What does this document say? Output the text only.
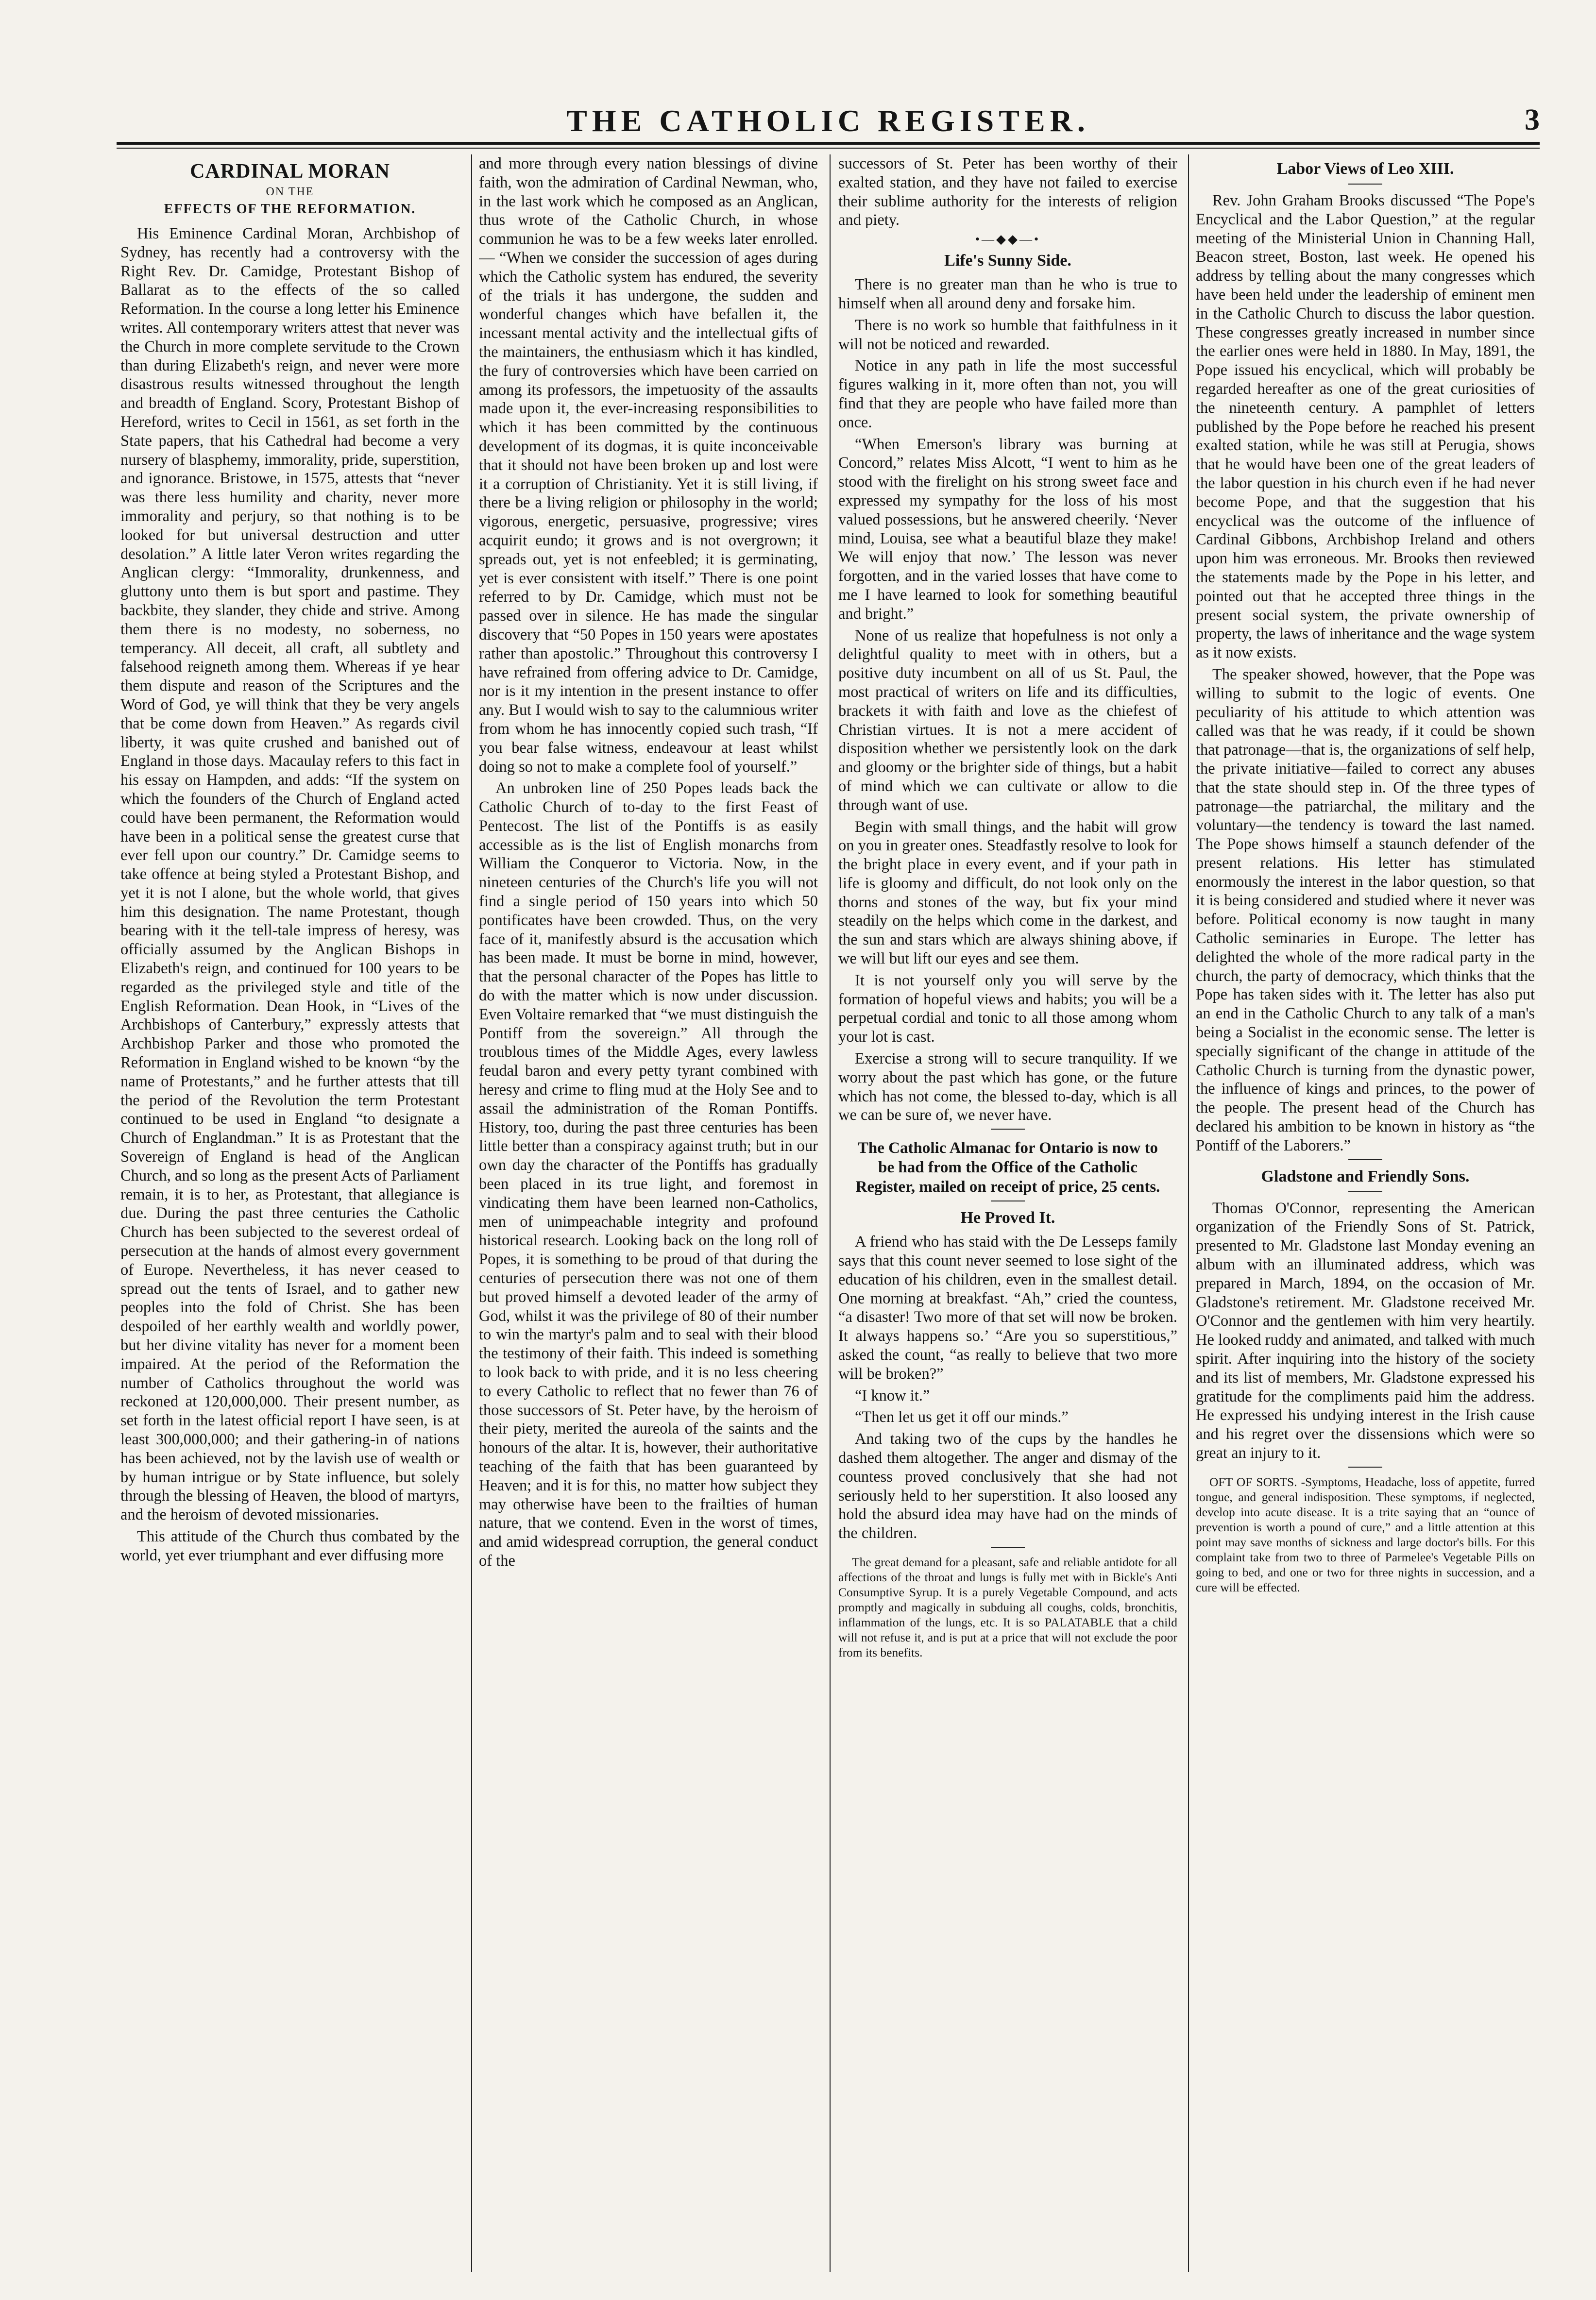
THE CATHOLIC REGISTER.	3
CARDINAL MORAN
ON THE
EFFECTS OF THE REFORMATION.

His Eminence Cardinal Moran, Archbishop of Sydney, has recently had a controversy with the Right Rev. Dr. Camidge, Protestant Bishop of Ballarat as to the effects of the so called Reformation. In the course a long letter his Eminence writes. All contemporary writers attest that never was the Church in more complete servitude to the Crown than during Elizabeth's reign, and never were more disastrous results witnessed throughout the length and breadth of England. Scory, Protestant Bishop of Hereford, writes to Cecil in 1561, as set forth in the State papers, that his Cathedral had become a very nursery of blasphemy, immorality, pride, superstition, and ignorance. Bristowe, in 1575, attests that “never was there less humility and charity, never more immorality and perjury, so that nothing is to be looked for but universal destruction and utter desolation.” A little later Veron writes regarding the Anglican clergy: “Immorality, drunkenness, and gluttony unto them is but sport and pastime. They backbite, they slander, they chide and strive. Among them there is no modesty, no soberness, no temperancy. All deceit, all craft, all subtlety and falsehood reigneth among them. Whereas if ye hear them dispute and reason of the Scriptures and the Word of God, ye will think that they be very angels that be come down from Heaven.” As regards civil liberty, it was quite crushed and banished out of England in those days. Macaulay refers to this fact in his essay on Hampden, and adds: “If the system on which the founders of the Church of England acted could have been permanent, the Reformation would have been in a political sense the greatest curse that ever fell upon our country.” Dr. Camidge seems to take offence at being styled a Protestant Bishop, and yet it is not I alone, but the whole world, that gives him this designation. The name Protestant, though bearing with it the tell-tale impress of heresy, was officially assumed by the Anglican Bishops in Elizabeth's reign, and continued for 100 years to be regarded as the privileged style and title of the English Reformation. Dean Hook, in “Lives of the Archbishops of Canterbury,” expressly attests that Archbishop Parker and those who promoted the Reformation in England wished to be known “by the name of Protestants,” and he further attests that till the period of the Revolution the term Protestant continued to be used in England “to designate a Church of Englandman.” It is as Protestant that the Sovereign of England is head of the Anglican Church, and so long as the present Acts of Parliament remain, it is to her, as Protestant, that allegiance is due. During the past three centuries the Catholic Church has been subjected to the severest ordeal of persecution at the hands of almost every government of Europe. Nevertheless, it has never ceased to spread out the tents of Israel, and to gather new peoples into the fold of Christ. She has been despoiled of her earthly wealth and worldly power, but her divine vitality has never for a moment been impaired. At the period of the Reformation the number of Catholics throughout the world was reckoned at 120,000,000. Their present number, as set forth in the latest official report I have seen, is at least 300,000,000; and their gathering-in of nations has been achieved, not by the lavish use of wealth or by human intrigue or by State influence, but solely through the blessing of Heaven, the blood of martyrs, and the heroism of devoted missionaries.

This attitude of the Church thus combated by the world, yet ever triumphant and ever diffusing more

and more through every nation blessings of divine faith, won the admiration of Cardinal Newman, who, in the last work which he composed as an Anglican, thus wrote of the Catholic Church, in whose communion he was to be a few weeks later enrolled.— “When we consider the succession of ages during which the Catholic system has endured, the severity of the trials it has undergone, the sudden and wonderful changes which have befallen it, the incessant mental activity and the intellectual gifts of the maintainers, the enthusiasm which it has kindled, the fury of controversies which have been carried on among its professors, the impetuosity of the assaults made upon it, the ever-increasing responsibilities to which it has been committed by the continuous development of its dogmas, it is quite inconceivable that it should not have been broken up and lost were it a corruption of Christianity. Yet it is still living, if there be a living religion or philosophy in the world; vigorous, energetic, persuasive, progressive; vires acquirit eundo; it grows and is not overgrown; it spreads out, yet is not enfeebled; it is germinating, yet is ever consistent with itself.” There is one point referred to by Dr. Camidge, which must not be passed over in silence. He has made the singular discovery that “50 Popes in 150 years were apostates rather than apostolic.” Throughout this controversy I have refrained from offering advice to Dr. Camidge, nor is it my intention in the present instance to offer any. But I would wish to say to the calumnious writer from whom he has innocently copied such trash, “If you bear false witness, endeavour at least whilst doing so not to make a complete fool of yourself.”

An unbroken line of 250 Popes leads back the Catholic Church of to-day to the first Feast of Pentecost. The list of the Pontiffs is as easily accessible as is the list of English monarchs from William the Conqueror to Victoria. Now, in the nineteen centuries of the Church's life you will not find a single period of 150 years into which 50 pontificates have been crowded. Thus, on the very face of it, manifestly absurd is the accusation which has been made. It must be borne in mind, however, that the personal character of the Popes has little to do with the matter which is now under discussion. Even Voltaire remarked that “we must distinguish the Pontiff from the sovereign.” All through the troublous times of the Middle Ages, every lawless feudal baron and every petty tyrant combined with heresy and crime to fling mud at the Holy See and to assail the administration of the Roman Pontiffs. History, too, during the past three centuries has been little better than a conspiracy against truth; but in our own day the character of the Pontiffs has gradually been placed in its true light, and foremost in vindicating them have been learned non-Catholics, men of unimpeachable integrity and profound historical research. Looking back on the long roll of Popes, it is something to be proud of that during the centuries of persecution there was not one of them but proved himself a devoted leader of the army of God, whilst it was the privilege of 80 of their number to win the martyr's palm and to seal with their blood the testimony of their faith. This indeed is something to look back to with pride, and it is no less cheering to every Catholic to reflect that no fewer than 76 of those successors of St. Peter have, by the heroism of their piety, merited the aureola of the saints and the honours of the altar. It is, however, their authoritative teaching of the faith that has been guaranteed by Heaven; and it is for this, no matter how subject they may otherwise have been to the frailties of human nature, that we contend. Even in the worst of times, and amid widespread corruption, the general conduct of the

successors of St. Peter has been worthy of their exalted station, and they have not failed to exercise their sublime authority for the interests of religion and piety.

•—◆◆—•
Life's Sunny Side.

There is no greater man than he who is true to himself when all around deny and forsake him.

There is no work so humble that faithfulness in it will not be noticed and rewarded.

Notice in any path in life the most successful figures walking in it, more often than not, you will find that they are people who have failed more than once.

“When Emerson's library was burning at Concord,” relates Miss Alcott, “I went to him as he stood with the firelight on his strong sweet face and expressed my sympathy for the loss of his most valued possessions, but he answered cheerily. ‘Never mind, Louisa, see what a beautiful blaze they make! We will enjoy that now.’ The lesson was never forgotten, and in the varied losses that have come to me I have learned to look for something beautiful and bright.”

None of us realize that hopefulness is not only a delightful quality to meet with in others, but a positive duty incumbent on all of us St. Paul, the most practical of writers on life and its difficulties, brackets it with faith and love as the chiefest of Christian virtues. It is not a mere accident of disposition whether we persistently look on the dark and gloomy or the brighter side of things, but a habit of mind which we can cultivate or allow to die through want of use.

Begin with small things, and the habit will grow on you in greater ones. Steadfastly resolve to look for the bright place in every event, and if your path in life is gloomy and difficult, do not look only on the thorns and stones of the way, but fix your mind steadily on the helps which come in the darkest, and the sun and stars which are always shining above, if we will but lift our eyes and see them.

It is not yourself only you will serve by the formation of hopeful views and habits; you will be a perpetual cordial and tonic to all those among whom your lot is cast.

Exercise a strong will to secure tranquility. If we worry about the past which has gone, or the future which has not come, the blessed to-day, which is all we can be sure of, we never have.

The Catholic Almanac for Ontario is now to be had from the Office of the Catholic Register, mailed on receipt of price, 25 cents.
He Proved It.

A friend who has staid with the De Lesseps family says that this count never seemed to lose sight of the education of his children, even in the smallest detail. One morning at breakfast. “Ah,” cried the countess, “a disaster! Two more of that set will now be broken. It always happens so.’ “Are you so superstitious,” asked the count, “as really to believe that two more will be broken?”

“I know it.”

“Then let us get it off our minds.”

And taking two of the cups by the handles he dashed them altogether. The anger and dismay of the countess proved conclusively that she had not seriously held to her superstition. It also loosed any hold the absurd idea may have had on the minds of the children.

The great demand for a pleasant, safe and reliable antidote for all affections of the throat and lungs is fully met with in Bickle's Anti Consumptive Syrup. It is a purely Vegetable Compound, and acts promptly and magically in subduing all coughs, colds, bronchitis, inflammation of the lungs, etc. It is so PALATABLE that a child will not refuse it, and is put at a price that will not exclude the poor from its benefits.

Labor Views of Leo XIII.

Rev. John Graham Brooks discussed “The Pope's Encyclical and the Labor Question,” at the regular meeting of the Ministerial Union in Channing Hall, Beacon street, Boston, last week. He opened his address by telling about the many congresses which have been held under the leadership of eminent men in the Catholic Church to discuss the labor question. These congresses greatly increased in number since the earlier ones were held in 1880. In May, 1891, the Pope issued his encyclical, which will probably be regarded hereafter as one of the great curiosities of the nineteenth century. A pamphlet of letters published by the Pope before he reached his present exalted station, while he was still at Perugia, shows that he would have been one of the great leaders of the labor question in his church even if he had never become Pope, and that the suggestion that his encyclical was the outcome of the influence of Cardinal Gibbons, Archbishop Ireland and others upon him was erroneous. Mr. Brooks then reviewed the statements made by the Pope in his letter, and pointed out that he accepted three things in the present social system, the private ownership of property, the laws of inheritance and the wage system as it now exists.

The speaker showed, however, that the Pope was willing to submit to the logic of events. One peculiarity of his attitude to which attention was called was that he was ready, if it could be shown that patronage—that is, the organizations of self help, the private initiative—failed to correct any abuses that the state should step in. Of the three types of patronage—the patriarchal, the military and the voluntary—the tendency is toward the last named. The Pope shows himself a staunch defender of the present relations. His letter has stimulated enormously the interest in the labor question, so that it is being considered and studied where it never was before. Political economy is now taught in many Catholic seminaries in Europe. The letter has delighted the whole of the more radical party in the church, the party of democracy, which thinks that the Pope has taken sides with it. The letter has also put an end in the Catholic Church to any talk of a man's being a Socialist in the economic sense. The letter is specially significant of the change in attitude of the Catholic Church is turning from the dynastic power, the influence of kings and princes, to the power of the people. The present head of the Church has declared his ambition to be known in history as “the Pontiff of the Laborers.”

Gladstone and Friendly Sons.

Thomas O'Connor, representing the American organization of the Friendly Sons of St. Patrick, presented to Mr. Gladstone last Monday evening an album with an illuminated address, which was prepared in March, 1894, on the occasion of Mr. Gladstone's retirement. Mr. Gladstone received Mr. O'Connor and the gentlemen with him very heartily. He looked ruddy and animated, and talked with much spirit. After inquiring into the history of the society and its list of members, Mr. Gladstone expressed his gratitude for the compliments paid him the address. He expressed his undying interest in the Irish cause and his regret over the dissensions which were so great an injury to it.

OFT OF SORTS. -Symptoms, Headache, loss of appetite, furred tongue, and general indisposition. These symptoms, if neglected, develop into acute disease. It is a trite saying that an “ounce of prevention is worth a pound of cure,” and a little attention at this point may save months of sickness and large doctor's bills. For this complaint take from two to three of Parmelee's Vegetable Pills on going to bed, and one or two for three nights in succession, and a cure will be effected.
